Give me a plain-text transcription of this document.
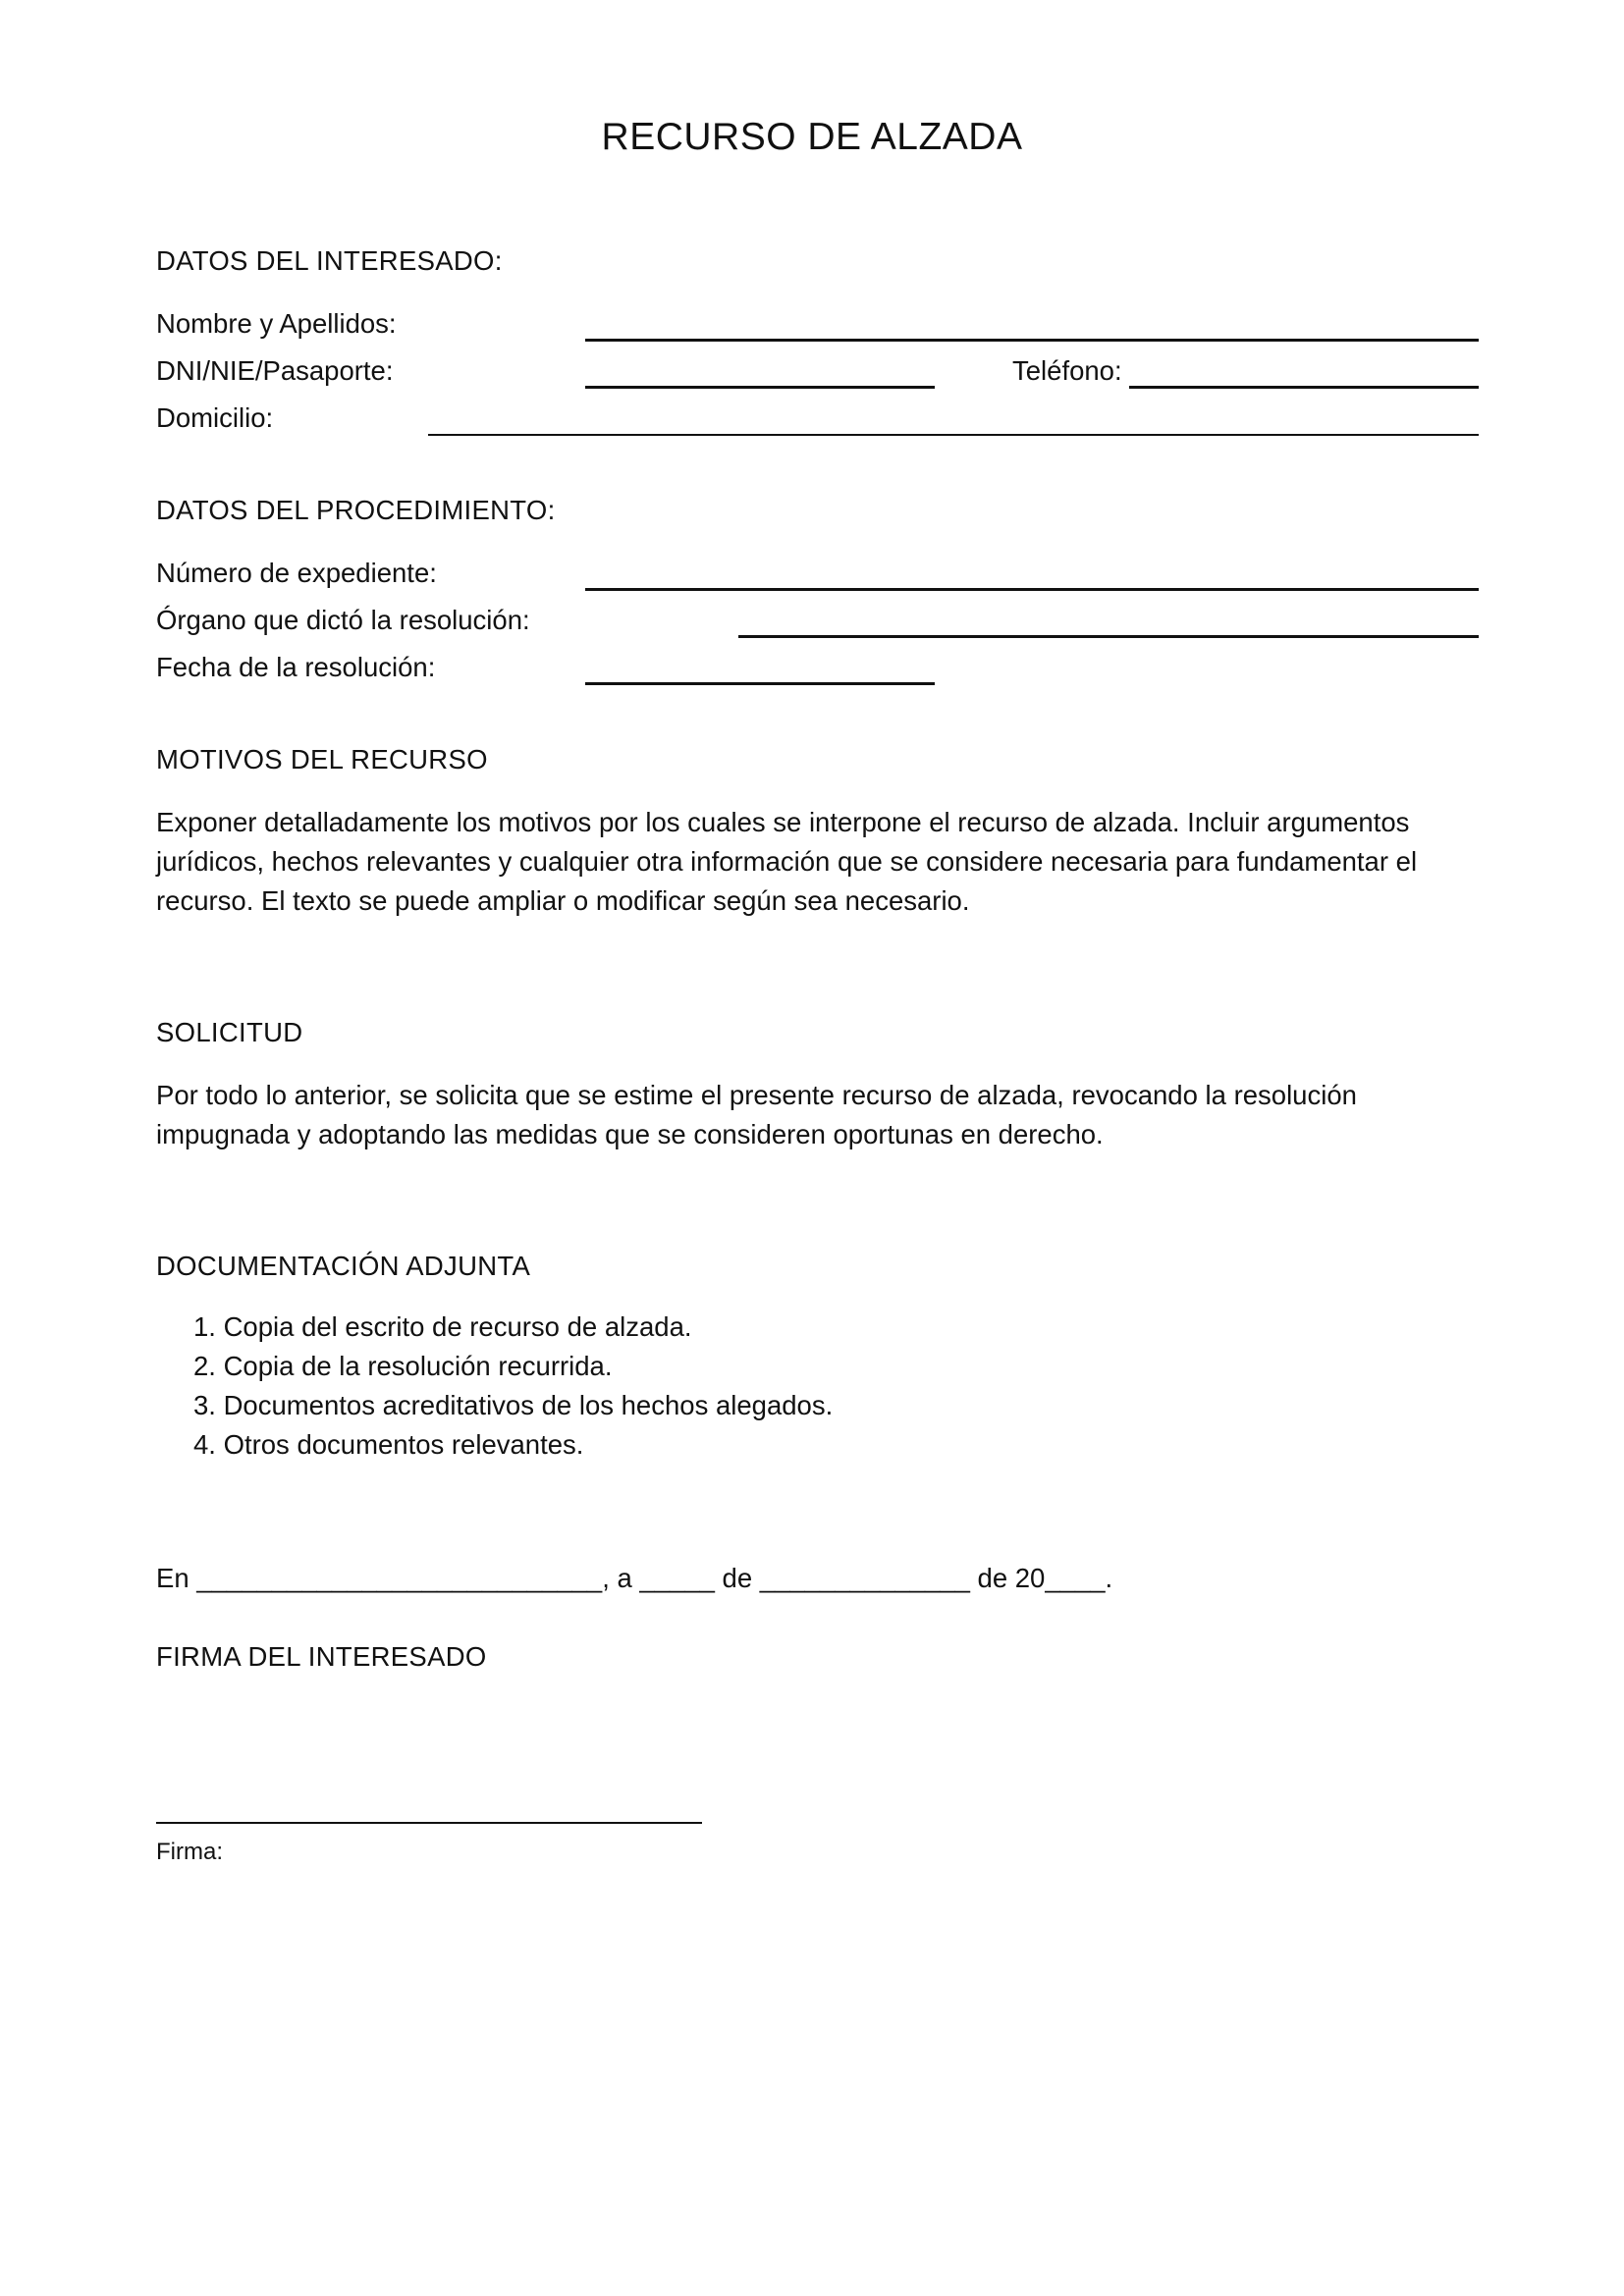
RECURSO DE ALZADA
DATOS DEL INTERESADO:
Nombre y Apellidos:
DNI/NIE/Pasaporte:	Teléfono:
Domicilio:
DATOS DEL PROCEDIMIENTO:
Número de expediente:
Órgano que dictó la resolución:
Fecha de la resolución:
MOTIVOS DEL RECURSO
Exponer detalladamente los motivos por los cuales se interpone el recurso de alzada. Incluir argumentos
jurídicos, hechos relevantes y cualquier otra información que se considere necesaria para fundamentar el
recurso. El texto se puede ampliar o modificar según sea necesario.
SOLICITUD
Por todo lo anterior, se solicita que se estime el presente recurso de alzada, revocando la resolución
impugnada y adoptando las medidas que se consideren oportunas en derecho.
DOCUMENTACIÓN ADJUNTA
1. Copia del escrito de recurso de alzada.
2. Copia de la resolución recurrida.
3. Documentos acreditativos de los hechos alegados.
4. Otros documentos relevantes.
En ___________________________, a _____ de ______________ de 20____.
FIRMA DEL INTERESADO
Firma:
